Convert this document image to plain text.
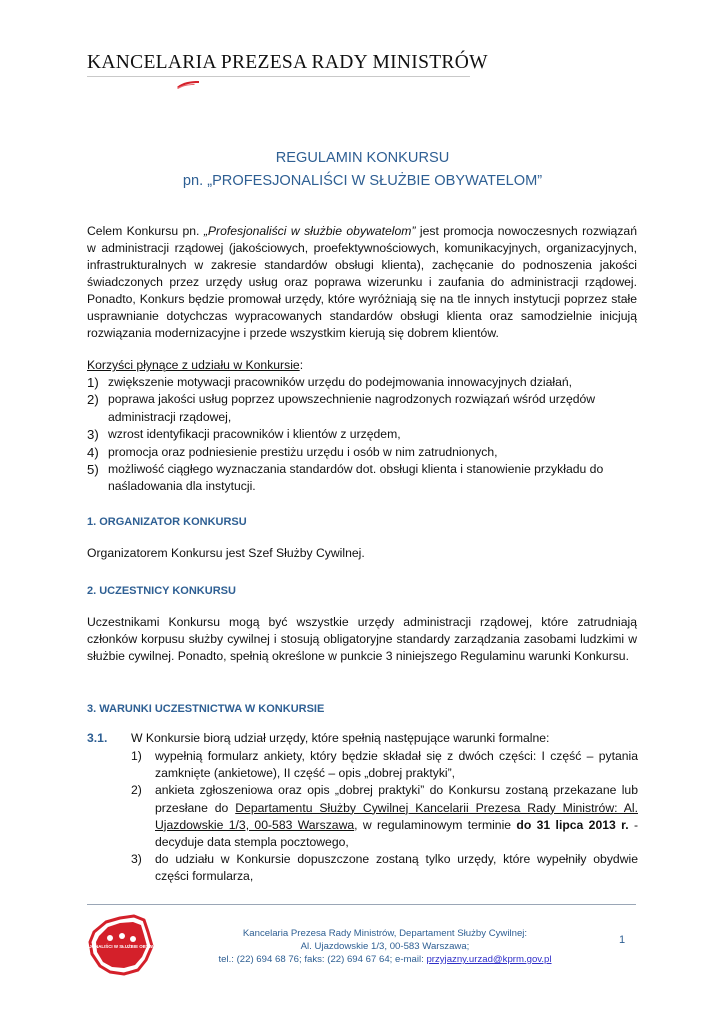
KANCELARIA PREZESA RADY MINISTRÓW
REGULAMIN KONKURSU
pn. „PROFESJONALIŚCI W SŁUŻBIE OBYWATELOM”
Celem Konkursu pn. „Profesjonaliści w służbie obywatelom” jest promocja nowoczesnych rozwiązań w administracji rządowej (jakościowych, proefektywnościowych, komunikacyjnych, organizacyjnych, infrastrukturalnych w zakresie standardów obsługi klienta), zachęcanie do podnoszenia jakości świadczonych przez urzędy usług oraz poprawa wizerunku i zaufania do administracji rządowej. Ponadto, Konkurs będzie promował urzędy, które wyróżniają się na tle innych instytucji poprzez stałe usprawnianie dotychczas wypracowanych standardów obsługi klienta oraz samodzielnie inicjują rozwiązania modernizacyjne i przede wszystkim kierują się dobrem klientów.
Korzyści płynące z udziału w Konkursie:
1) zwiększenie motywacji pracowników urzędu do podejmowania innowacyjnych działań,
2) poprawa jakości usług poprzez upowszechnienie nagrodzonych rozwiązań wśród urzędów administracji rządowej,
3) wzrost identyfikacji pracowników i klientów z urzędem,
4) promocja oraz podniesienie prestiżu urzędu i osób w nim zatrudnionych,
5) możliwość ciągłego wyznaczania standardów dot. obsługi klienta i stanowienie przykładu do naśladowania dla instytucji.
1. ORGANIZATOR KONKURSU
Organizatorem Konkursu jest Szef Służby Cywilnej.
2. UCZESTNICY KONKURSU
Uczestnikami Konkursu mogą być wszystkie urzędy administracji rządowej, które zatrudniają członków korpusu służby cywilnej i stosują obligatoryjne standardy zarządzania zasobami ludzkimi w służbie cywilnej. Ponadto, spełnią określone w punkcie 3 niniejszego Regulaminu warunki Konkursu.
3. WARUNKI UCZESTNICTWA W KONKURSIE
3.1. W Konkursie biorą udział urzędy, które spełnią następujące warunki formalne:
1) wypełnią formularz ankiety, który będzie składał się z dwóch części: I część – pytania zamknięte (ankietowe), II część – opis „dobrej praktyki”,
2) ankieta zgłoszeniowa oraz opis „dobrej praktyki” do Konkursu zostaną przekazane lub przesłane do Departamentu Służby Cywilnej Kancelarii Prezesa Rady Ministrów: Al. Ujazdowskie 1/3, 00-583 Warszawa, w regulaminowym terminie do 31 lipca 2013 r. - decyduje data stempla pocztowego,
3) do udziału w Konkursie dopuszczone zostaną tylko urzędy, które wypełniły obydwie części formularza,
PROFESJONALIŚCI W SŁUŻBIE OBYWATELOM
Kancelaria Prezesa Rady Ministrów, Departament Służby Cywilnej:
Al. Ujazdowskie 1/3, 00-583 Warszawa;
tel.: (22) 694 68 76; faks: (22) 694 67 64; e-mail: przyjazny.urzad@kprm.gov.pl
1
